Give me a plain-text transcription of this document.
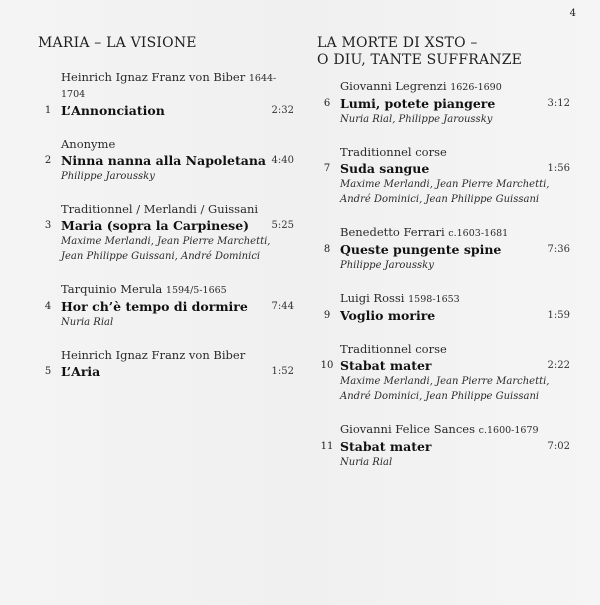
4
MARIA – LA VISIONE
Heinrich Ignaz Franz von Biber 1644-1704
1 L’Annonciation	2:32
Anonyme
2 Ninna nanna alla Napoletana 4:40
Philippe Jaroussky
Traditionnel / Merlandi / Guissani
3 Maria (sopra la Carpinese) 5:25
Maxime Merlandi, Jean Pierre Marchetti,
Jean Philippe Guissani, André Dominici
Tarquinio Merula 1594/5-1665
4 Hor ch’è tempo di dormire 7:44
Nuria Rial
Heinrich Ignaz Franz von Biber
5 L’Aria	1:52
LA MORTE DI XSTO –
O DIU, TANTE SUFFRANZE
Giovanni Legrenzi 1626-1690
6 Lumi, potete piangere	3:12
Nuria Rial, Philippe Jaroussky
Traditionnel corse
7 Suda sangue	1:56
Maxime Merlandi, Jean Pierre Marchetti,
André Dominici, Jean Philippe Guissani
Benedetto Ferrari c.1603-1681
8 Queste pungente spine	7:36
Philippe Jaroussky
Luigi Rossi 1598-1653
9 Voglio morire	1:59
Traditionnel corse
10 Stabat mater	2:22
Maxime Merlandi, Jean Pierre Marchetti,
André Dominici, Jean Philippe Guissani
Giovanni Felice Sances c.1600-1679
11 Stabat mater	7:02
Nuria Rial
